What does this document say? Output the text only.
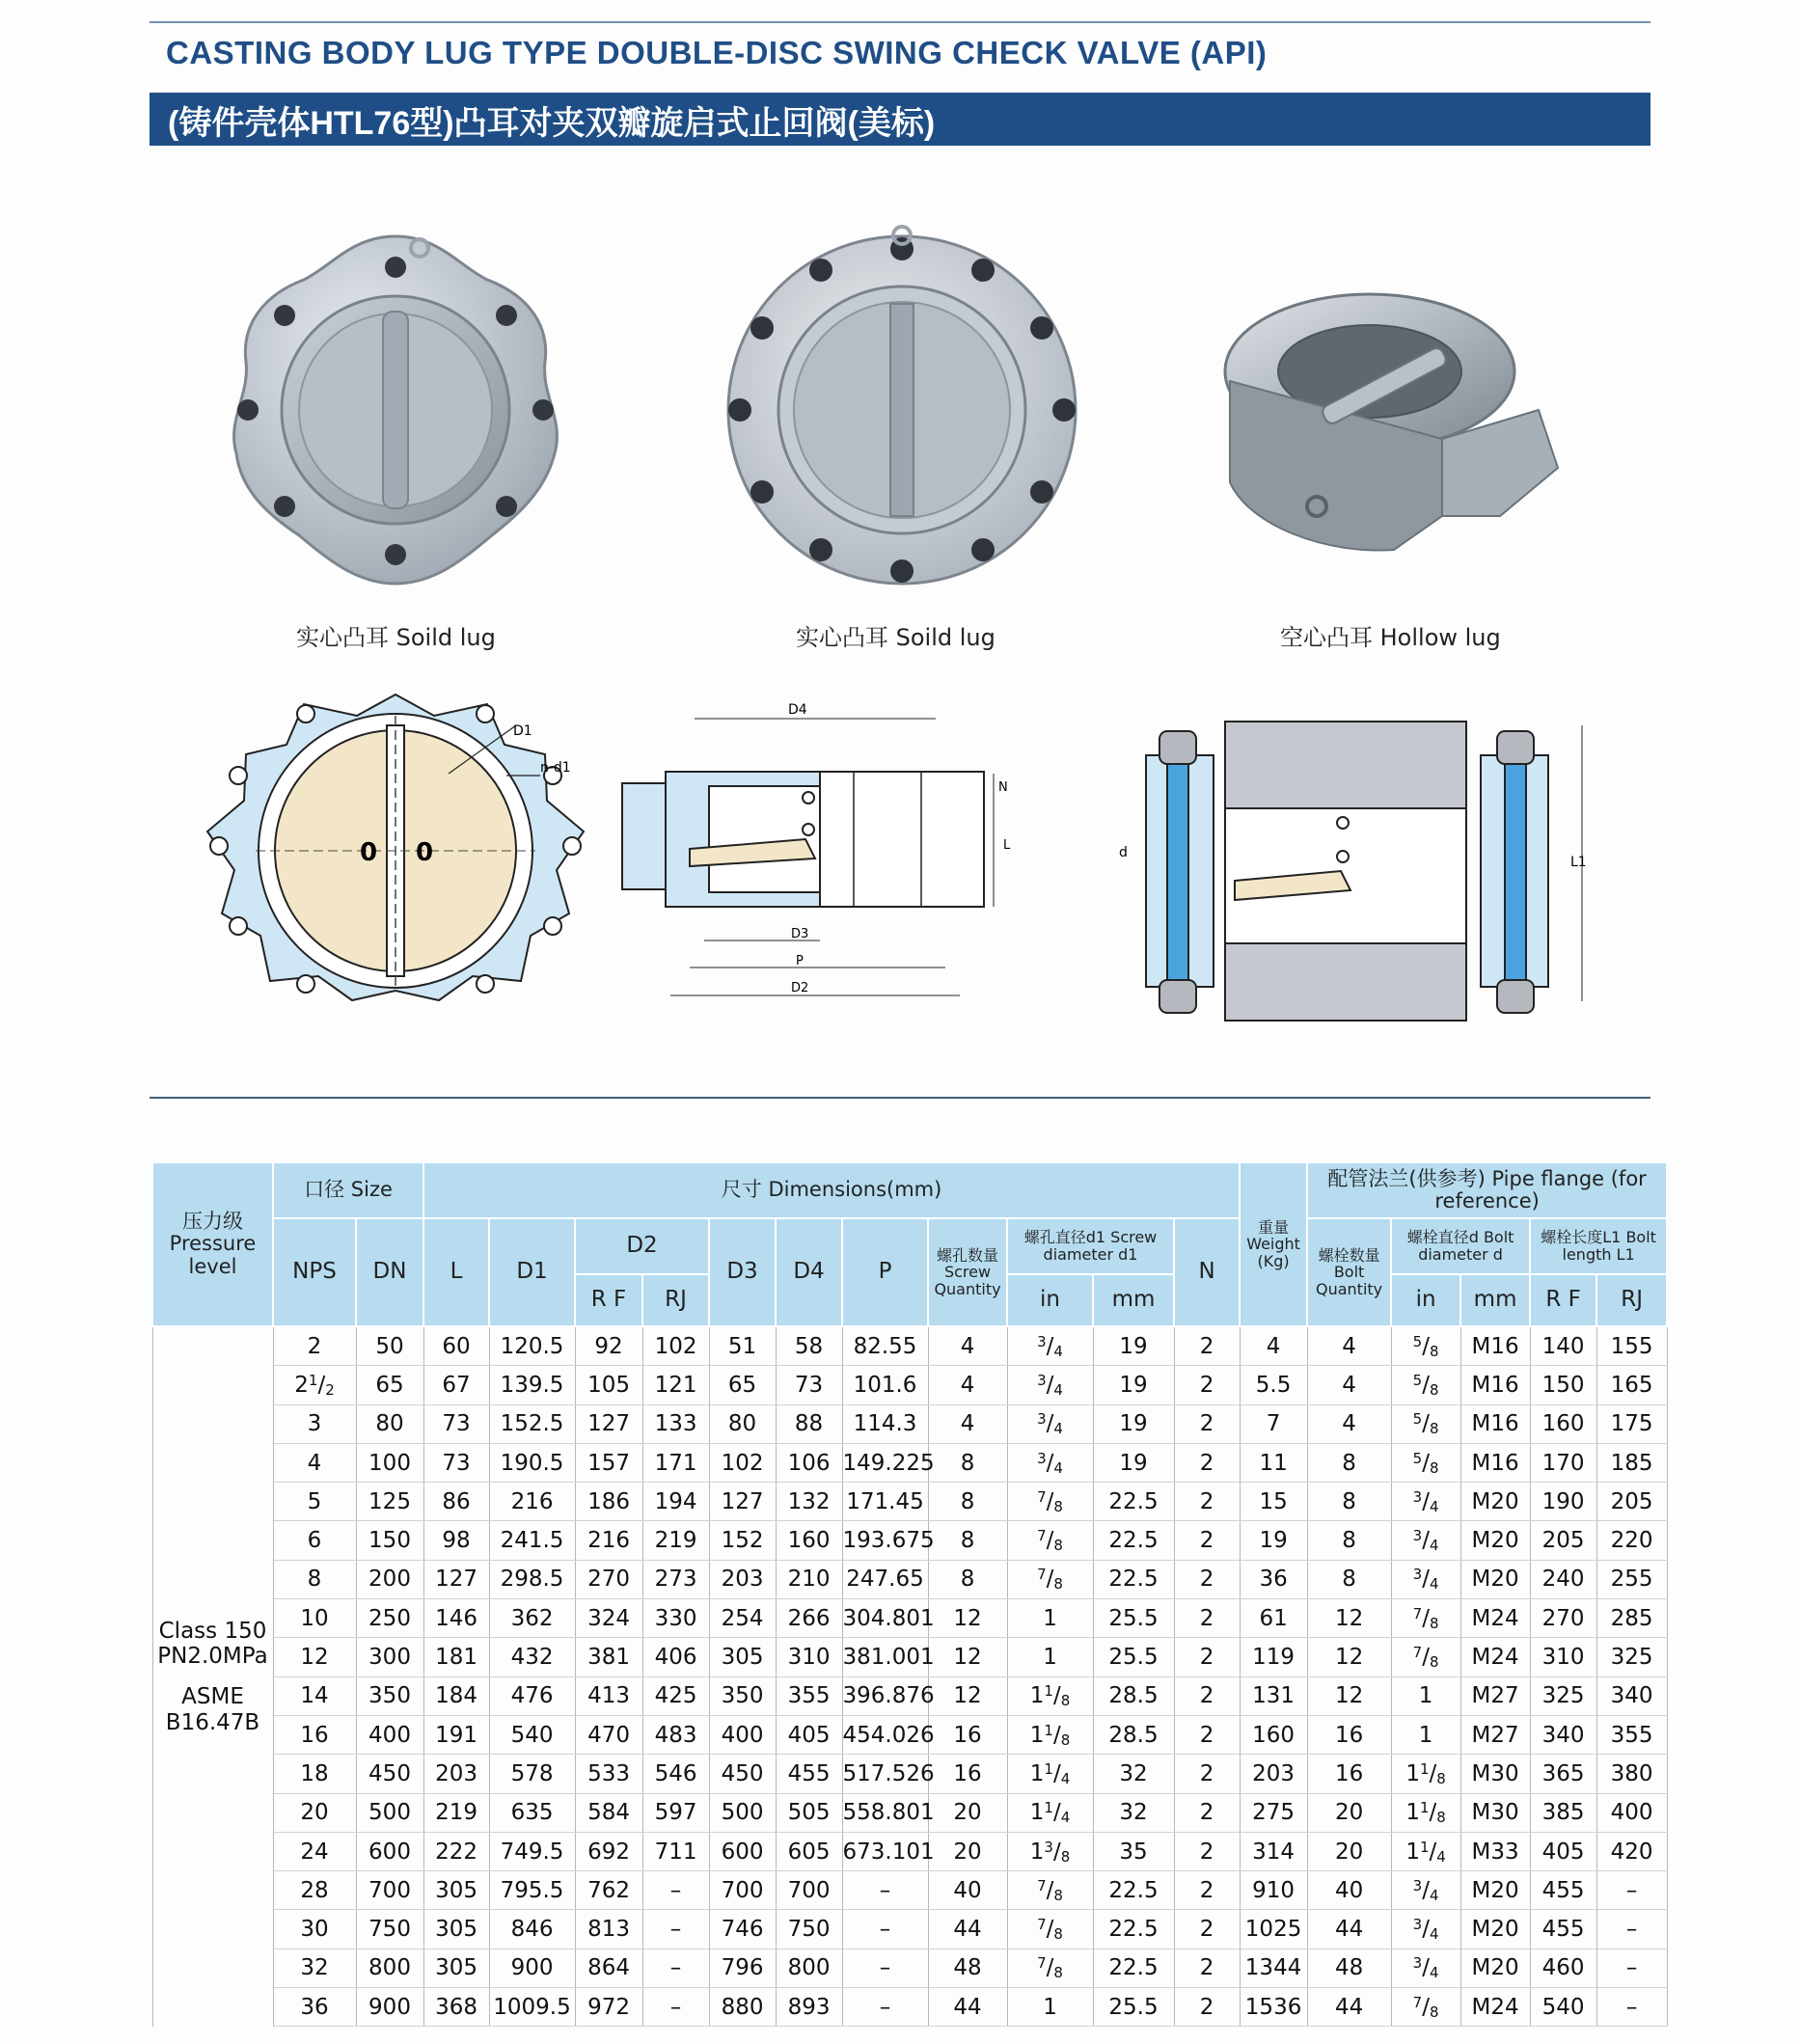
CASTING BODY LUG TYPE DOUBLE-DISC SWING CHECK VALVE (API)
(铸件壳体HTL76型)凸耳对夹双瓣旋启式止回阀(美标)
实心凸耳 Soild lug	实心凸耳 Soild lug	空心凸耳 Hollow lug
D1
n-d1
0 0
D4
N
L
D3
P
D2
L1
d
压力级 Pressure level	口径 Size		尺寸 Dimensions(mm)											重量 Weight (Kg)	配管法兰(供参考) Pipe flange (for reference)				
	NPS	DN	L	D1	D2		D3	D4	P	螺孔数量 Screw Quantity	螺孔直径d1 Screw diameter d1		N		螺栓数量 Bolt Quantity	螺栓直径d Bolt diameter d		螺栓长度L1 Bolt length L1	
					R F	RJ					in	mm				in	mm	R F	RJ

Class 150
PN2.0MPa
ASME
B16.47B	2	50	60	120.5	92	102	51	58	82.55	4	$^3/_4$	19	2	4	4	$^5/_8$	M16	140	155
	$2^1/_2$	65	67	139.5	105	121	65	73	101.6	4	$^3/_4$	19	2	5.5	4	$^5/_8$	M16	150	165
	3	80	73	152.5	127	133	80	88	114.3	4	$^3/_4$	19	2	7	4	$^5/_8$	M16	160	175
	4	100	73	190.5	157	171	102	106	149.225	8	$^3/_4$	19	2	11	8	$^5/_8$	M16	170	185
	5	125	86	216	186	194	127	132	171.45	8	$^7/_8$	22.5	2	15	8	$^3/_4$	M20	190	205
	6	150	98	241.5	216	219	152	160	193.675	8	$^7/_8$	22.5	2	19	8	$^3/_4$	M20	205	220
	8	200	127	298.5	270	273	203	210	247.65	8	$^7/_8$	22.5	2	36	8	$^3/_4$	M20	240	255
	10	250	146	362	324	330	254	266	304.801	12	1	25.5	2	61	12	$^7/_8$	M24	270	285
	12	300	181	432	381	406	305	310	381.001	12	1	25.5	2	119	12	$^7/_8$	M24	310	325
	14	350	184	476	413	425	350	355	396.876	12	$1^1/_8$	28.5	2	131	12	1	M27	325	340
	16	400	191	540	470	483	400	405	454.026	16	$1^1/_8$	28.5	2	160	16	1	M27	340	355
	18	450	203	578	533	546	450	455	517.526	16	$1^1/_4$	32	2	203	16	$1^1/_8$	M30	365	380
	20	500	219	635	584	597	500	505	558.801	20	$1^1/_4$	32	2	275	20	$1^1/_8$	M30	385	400
	24	600	222	749.5	692	711	600	605	673.101	20	$1^3/_8$	35	2	314	20	$1^1/_4$	M33	405	420
	28	700	305	795.5	762	–	700	700	–	40	$^7/_8$	22.5	2	910	40	$^3/_4$	M20	455	–
	30	750	305	846	813	–	746	750	–	44	$^7/_8$	22.5	2	1025	44	$^3/_4$	M20	455	–
	32	800	305	900	864	–	796	800	–	48	$^7/_8$	22.5	2	1344	48	$^3/_4$	M20	460	–
	36	900	368	1009.5	972	–	880	893	–	44	1	25.5	2	1536	44	$^7/_8$	M24	540	–
